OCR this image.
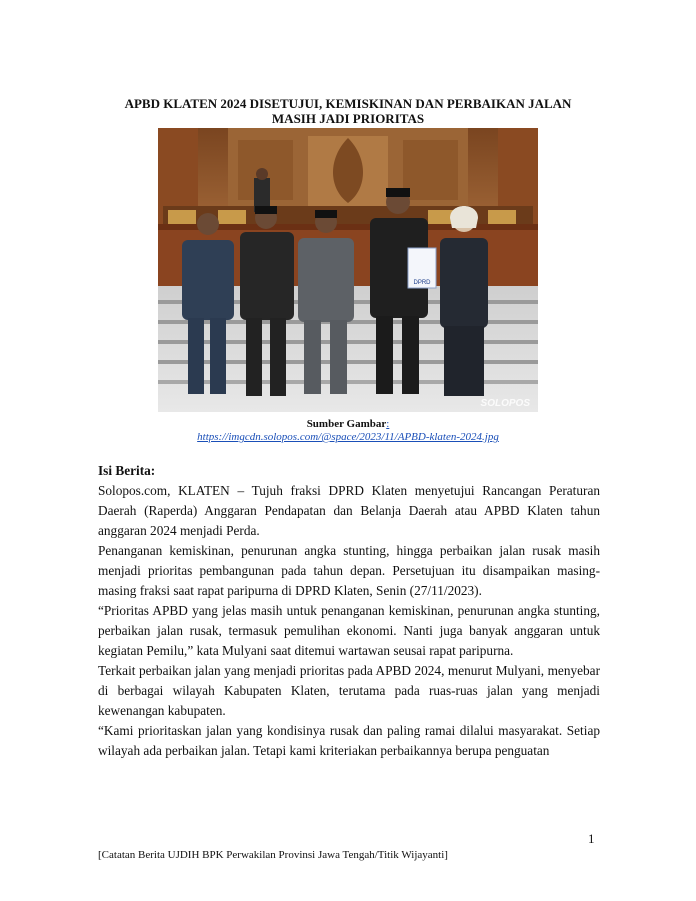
APBD KLATEN 2024 DISETUJUI, KEMISKINAN DAN PERBAIKAN JALAN
MASIH JADI PRIORITAS
DPRD
SOLOPOS
Sumber Gambar:
https://imgcdn.solopos.com/@space/2023/11/APBD-klaten-2024.jpg

Isi Berita:

Solopos.com, KLATEN – Tujuh fraksi DPRD Klaten menyetujui Rancangan Peraturan Daerah (Raperda) Anggaran Pendapatan dan Belanja Daerah atau APBD Klaten tahun anggaran 2024 menjadi Perda.

Penanganan kemiskinan, penurunan angka stunting, hingga perbaikan jalan rusak masih menjadi prioritas pembangunan pada tahun depan. Persetujuan itu disampaikan masing-masing fraksi saat rapat paripurna di DPRD Klaten, Senin (27/11/2023).

“Prioritas APBD yang jelas masih untuk penanganan kemiskinan, penurunan angka stunting, perbaikan jalan rusak, termasuk pemulihan ekonomi. Nanti juga banyak anggaran untuk kegiatan Pemilu,” kata Mulyani saat ditemui wartawan seusai rapat paripurna.

Terkait perbaikan jalan yang menjadi prioritas pada APBD 2024, menurut Mulyani, menyebar di berbagai wilayah Kabupaten Klaten, terutama pada ruas-ruas jalan yang menjadi kewenangan kabupaten.

“Kami prioritaskan jalan yang kondisinya rusak dan paling ramai dilalui masyarakat. Setiap wilayah ada perbaikan jalan. Tetapi kami kriteriakan perbaikannya berupa penguatan

1
[Catatan Berita UJDIH BPK Perwakilan Provinsi Jawa Tengah/Titik Wijayanti]
